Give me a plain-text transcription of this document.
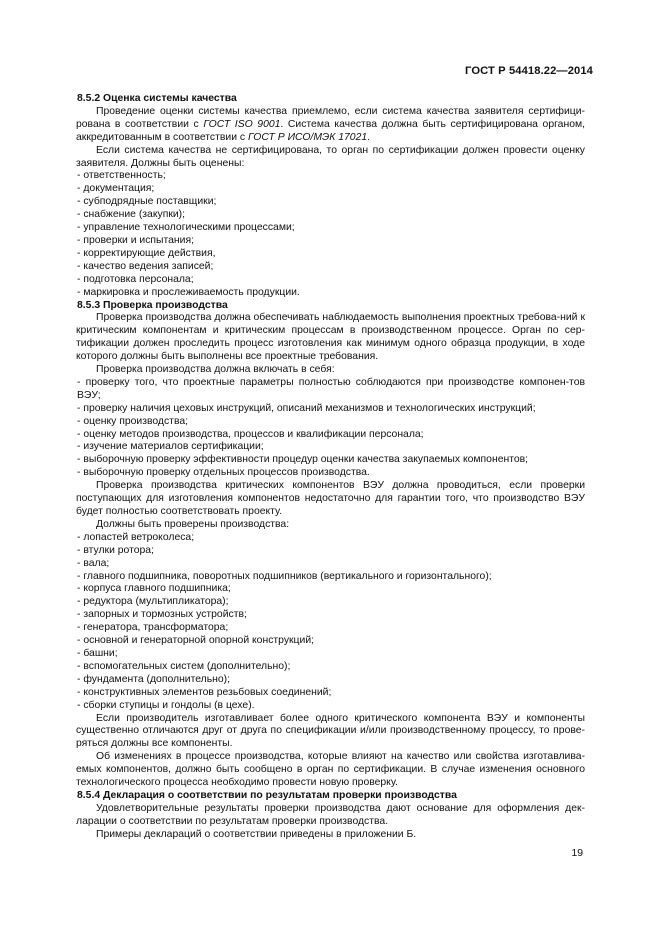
ГОСТ Р 54418.22—2014

8.5.2 Оценка системы качества

Проведение оценки системы качества приемлемо, если система качества заявителя сертифици-рована в соответствии с ГОСТ ISO 9001. Система качества должна быть сертифицирована органом, аккредитованным в соответствии с ГОСТ Р ИСО/МЭК 17021.

Если система качества не сертифицирована, то орган по сертификации должен провести оценку заявителя. Должны быть оценены:

- ответственность;

- документация;

- субподрядные поставщики;

- снабжение (закупки);

- управление технологическими процессами;

- проверки и испытания;

- корректирующие действия,

- качество ведения записей;

- подготовка персонала;

- маркировка и прослеживаемость продукции.

8.5.3 Проверка производства

Проверка производства должна обеспечивать наблюдаемость выполнения проектных требова-ний к критическим компонентам и критическим процессам в производственном процессе. Орган по сер-тификации должен проследить процесс изготовления как минимум одного образца продукции, в ходе которого должны быть выполнены все проектные требования.

Проверка производства должна включать в себя:

- проверку того, что проектные параметры полностью соблюдаются при производстве компонен-тов ВЭУ;

- проверку наличия цеховых инструкций, описаний механизмов и технологических инструкций;

- оценку производства;

- оценку методов производства, процессов и квалификации персонала;

- изучение материалов сертификации;

- выборочную проверку эффективности процедур оценки качества закупаемых компонентов;

- выборочную проверку отдельных процессов производства.

Проверка производства критических компонентов ВЭУ должна проводиться, если проверки поступающих для изготовления компонентов недостаточно для гарантии того, что производство ВЭУ будет полностью соответствовать проекту.

Должны быть проверены производства:

- лопастей ветроколеса;

- втулки ротора;

- вала;

- главного подшипника, поворотных подшипников (вертикального и горизонтального);

- корпуса главного подшипника;

- редуктора (мультипликатора);

- запорных и тормозных устройств;

- генератора, трансформатора;

- основной и генераторной опорной конструкций;

- башни;

- вспомогательных систем (дополнительно);

- фундамента (дополнительно);

- конструктивных элементов резьбовых соединений;

- сборки ступицы и гондолы (в цехе).

Если производитель изготавливает более одного критического компонента ВЭУ и компоненты существенно отличаются друг от друга по спецификации и/или производственному процессу, то прове-ряться должны все компоненты.

Об изменениях в процессе производства, которые влияют на качество или свойства изготавлива-емых компонентов, должно быть сообщено в орган по сертификации. В случае изменения основного технологического процесса необходимо провести новую проверку.

8.5.4 Декларация о соответствии по результатам проверки производства

Удовлетворительные результаты проверки производства дают основание для оформления дек-ларации о соответствии по результатам проверки производства.

Примеры деклараций о соответствии приведены в приложении Б.

19
